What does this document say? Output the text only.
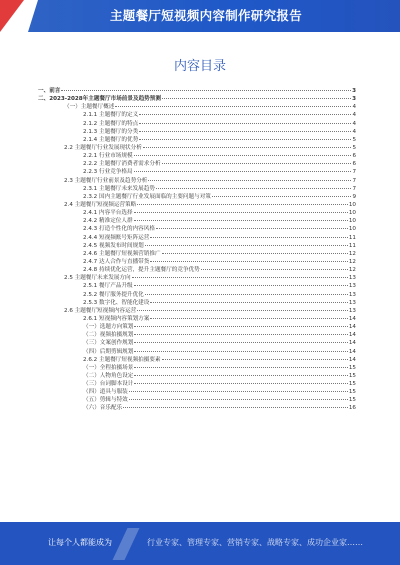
主题餐厅短视频内容制作研究报告
内容目录
一、前言	3
二、2023-2028年主题餐厅市场前景及趋势预测	3
（一）主题餐厅概述	4
2.1.1 主题餐厅的定义	4
2.1.2 主题餐厅的特点	4
2.1.3 主题餐厅的分类	4
2.1.4 主题餐厅的优势	5
2.2 主题餐厅行业发展现状分析	5
2.2.1 行业市场规模	6
2.2.2 主题餐厅消费者需求分析	6
2.2.3 行业竞争格局	7
2.3 主题餐厅行业前景及趋势分析	7
2.3.1 主题餐厅未来发展趋势	7
2.3.2 国内主题餐厅行业发展面临的主要问题与对策	9
2.4 主题餐厅短视频运营策略	10
2.4.1 内容平台选择	10
2.4.2 精准定位人群	10
2.4.3 打造个性化的内容风格	10
2.4.4 短视频账号矩阵运营	11
2.4.5 视频发布时间规划	11
2.4.6 主题餐厅短视频营销推广	12
2.4.7 达人合作与直播带货	12
2.4.8 持续优化运营，提升主题餐厅的竞争优势	12
2.5 主题餐厅未来发展方向	13
2.5.1 餐厅产品升级	13
2.5.2 餐厅服务提升优化	13
2.5.3 数字化、智能化建设	13
2.6 主题餐厅短视频内容运营	13
2.6.1 短视频内容策划方案	14
（一）选题方向策划	14
（二）视频拍摄规划	14
（三）文案创作规划	14
（四）后期剪辑规划	14
2.6.2 主题餐厅短视频拍摄要素	14
（一）全程拍摄场景	15
（二）人物角色设定	15
（三）台词脚本设计	15
（四）道具与服装	15
（五）剪辑与特效	15
（六）音乐配乐	16
让每个人都能成为	行业专家、管理专家、营销专家、战略专家、成功企业家……
